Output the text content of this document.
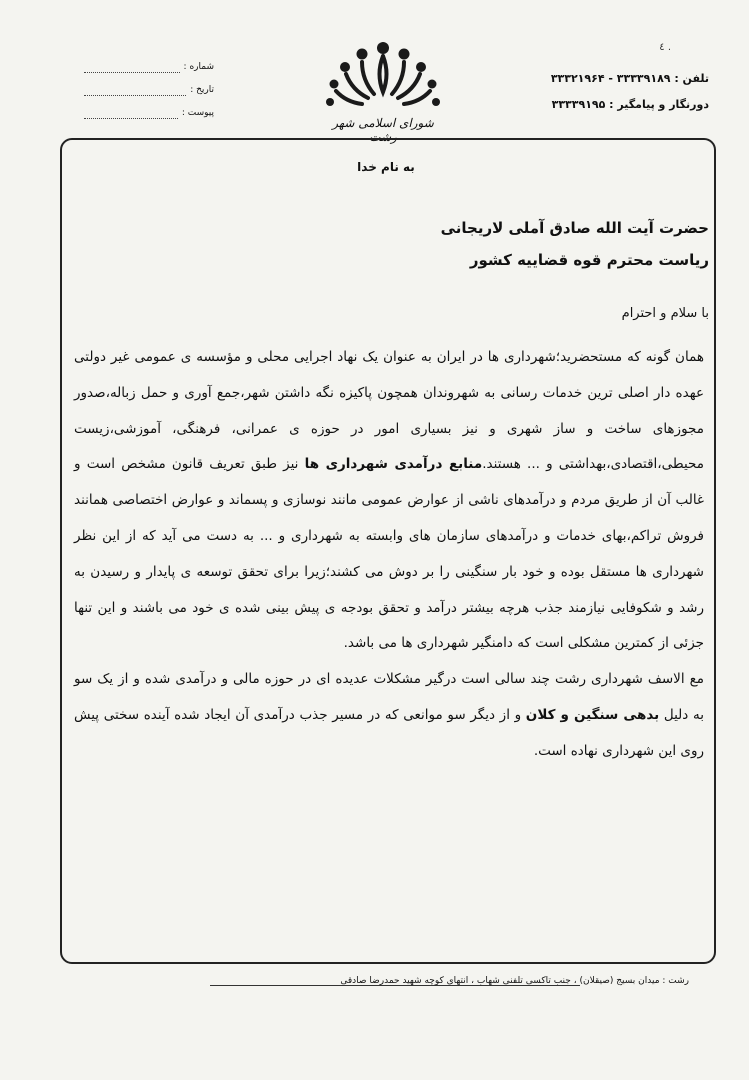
٤ .
شماره :
تاریخ :
پیوست :
شورای اسلامی شهر رشت
تلفن : ۳۳۳۳۹۱۸۹ - ۳۳۳۲۱۹۶۴
دورنگار و پیامگیر : ۳۳۳۳۹۱۹۵
به نام خدا
حضرت آیت الله صادق آملی لاریجانی
ریاست محترم قوه قضاییه کشور
با سلام و احترام

همان گونه که مستحضرید؛شهرداری ها در ایران به عنوان یک نهاد اجرایی محلی و مؤسسه ی عمومی غیر دولتی عهده دار اصلی ترین خدمات رسانی به شهروندان همچون پاکیزه نگه داشتن شهر،جمع آوری و حمل زباله،صدور مجوزهای ساخت و ساز شهری و نیز بسیاری امور در حوزه ی عمرانی، فرهنگی، آموزشی،زیست محیطی،اقتصادی،بهداشتی و ... هستند.منابع درآمدی شهرداری ها نیز طبق تعریف قانون مشخص است و غالب آن از طریق مردم و درآمدهای ناشی از عوارض عمومی مانند نوسازی و پسماند و عوارض اختصاصی همانند فروش تراکم،بهای خدمات و درآمدهای سازمان های وابسته به شهرداری و ... به دست می آید که از این نظر شهرداری ها مستقل بوده و خود بار سنگینی را بر دوش می کشند؛زیرا برای تحقق توسعه ی پایدار و رسیدن به رشد و شکوفایی نیازمند جذب هرچه بیشتر درآمد و تحقق بودجه ی پیش بینی شده ی خود می باشند و این تنها جزئی از کمترین مشکلی است که دامنگیر شهرداری ها می باشد.

مع الاسف شهرداری رشت چند سالی است درگیر مشکلات عدیده ای در حوزه مالی و درآمدی شده و از یک سو به دلیل بدهی سنگین و کلان و از دیگر سو موانعی که در مسیر جذب درآمدی آن ایجاد شده آینده سختی پیش روی این شهرداری نهاده است.

رشت : میدان بسیج (صیقلان) ، جنب تاکسی تلفنی شهاب ، انتهای کوچه شهید حمدرضا صادقی
